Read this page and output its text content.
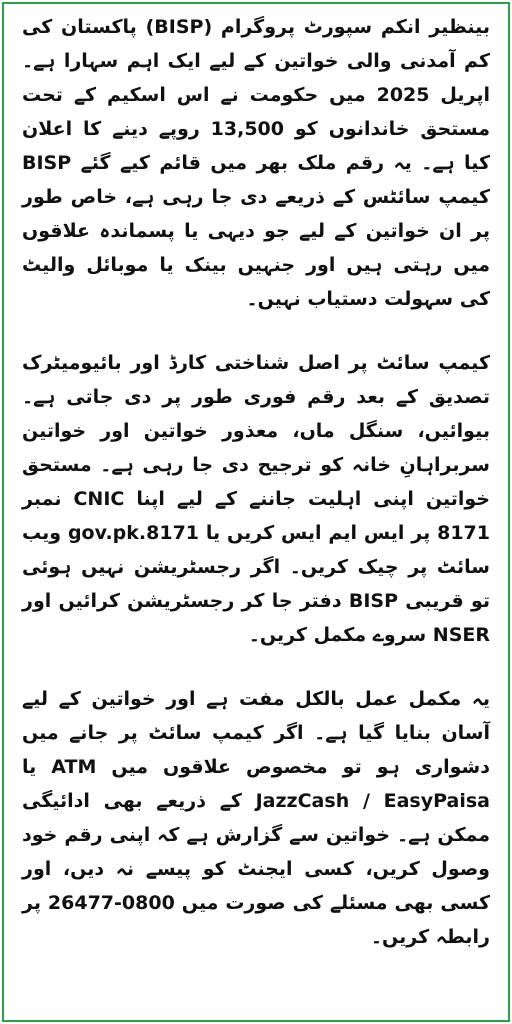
بینظیر انکم سپورٹ پروگرام (BISP) پاکستان کی کم آمدنی والی خواتین کے لیے ایک اہم سہارا ہے۔ اپریل 2025 میں حکومت نے اس اسکیم کے تحت مستحق خاندانوں کو 13,500 روپے دینے کا اعلان کیا ہے۔ یہ رقم ملک بھر میں قائم کیے گئے BISP کیمپ سائٹس کے ذریعے دی جا رہی ہے، خاص طور پر ان خواتین کے لیے جو دیہی یا پسماندہ علاقوں میں رہتی ہیں اور جنہیں بینک یا موبائل والیٹ کی سہولت دستیاب نہیں۔

کیمپ سائٹ پر اصل شناختی کارڈ اور بائیومیٹرک تصدیق کے بعد رقم فوری طور پر دی جاتی ہے۔ بیوائیں، سنگل ماں، معذور خواتین اور خواتین سربراہانِ خانہ کو ترجیح دی جا رہی ہے۔ مستحق خواتین اپنی اہلیت جاننے کے لیے اپنا CNIC نمبر 8171 پر ایس ایم ایس کریں یا 8171.gov.pk ویب سائٹ پر چیک کریں۔ اگر رجسٹریشن نہیں ہوئی تو قریبی BISP دفتر جا کر رجسٹریشن کرائیں اور NSER سروے مکمل کریں۔

یہ مکمل عمل بالکل مفت ہے اور خواتین کے لیے آسان بنایا گیا ہے۔ اگر کیمپ سائٹ پر جانے میں دشواری ہو تو مخصوص علاقوں میں ATM یا JazzCash / EasyPaisa کے ذریعے بھی ادائیگی ممکن ہے۔ خواتین سے گزارش ہے کہ اپنی رقم خود وصول کریں، کسی ایجنٹ کو پیسے نہ دیں، اور کسی بھی مسئلے کی صورت میں 0800-26477 پر رابطہ کریں۔
